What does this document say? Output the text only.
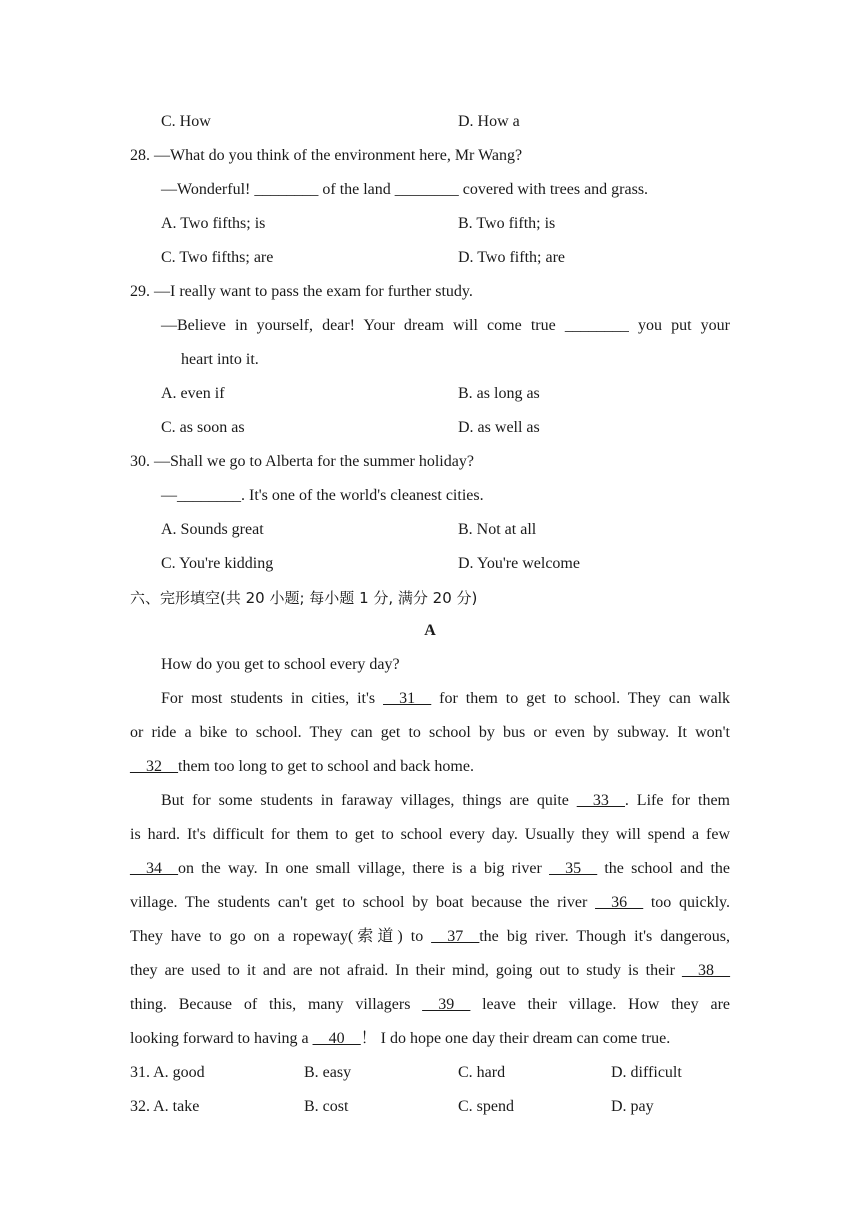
C. How	D. How a
28. —What do you think of the environment here, Mr Wang?
—Wonderful! ________ of the land ________ covered with trees and grass.
A. Two fifths; is	B. Two fifth; is
C. Two fifths; are	D. Two fifth; are
29. —I really want to pass the exam for further study.
—Believe in yourself, dear! Your dream will come true ________ you put your
heart into it.
A. even if	B. as long as
C. as soon as	D. as well as
30. —Shall we go to Alberta for the summer holiday?
—________. It's one of the world's cleanest cities.
A. Sounds great	B. Not at all
C. You're kidding	D. You're welcome
六、完形填空(共 20 小题; 每小题 1 分, 满分 20 分)
A
How do you get to school every day?
For most students in cities, it's __31__ for them to get to school. They can walk
or ride a bike to school. They can get to school by bus or even by subway. It won't
__32__them too long to get to school and back home.
But for some students in faraway villages, things are quite __33__. Life for them
is hard. It's difficult for them to get to school every day. Usually they will spend a few
__34__on the way. In one small village, there is a big river __35__ the school and the
village. The students can't get to school by boat because the river __36__ too quickly.
They have to go on a ropeway(索道) to __37__the big river. Though it's dangerous,
they are used to it and are not afraid. In their mind, going out to study is their __38__
thing. Because of this, many villagers __39__ leave their village. How they are
looking forward to having a __40__！ I do hope one day their dream can come true.
31. A. good	B. easy	C. hard	D. difficult
32. A. take	B. cost	C. spend	D. pay
